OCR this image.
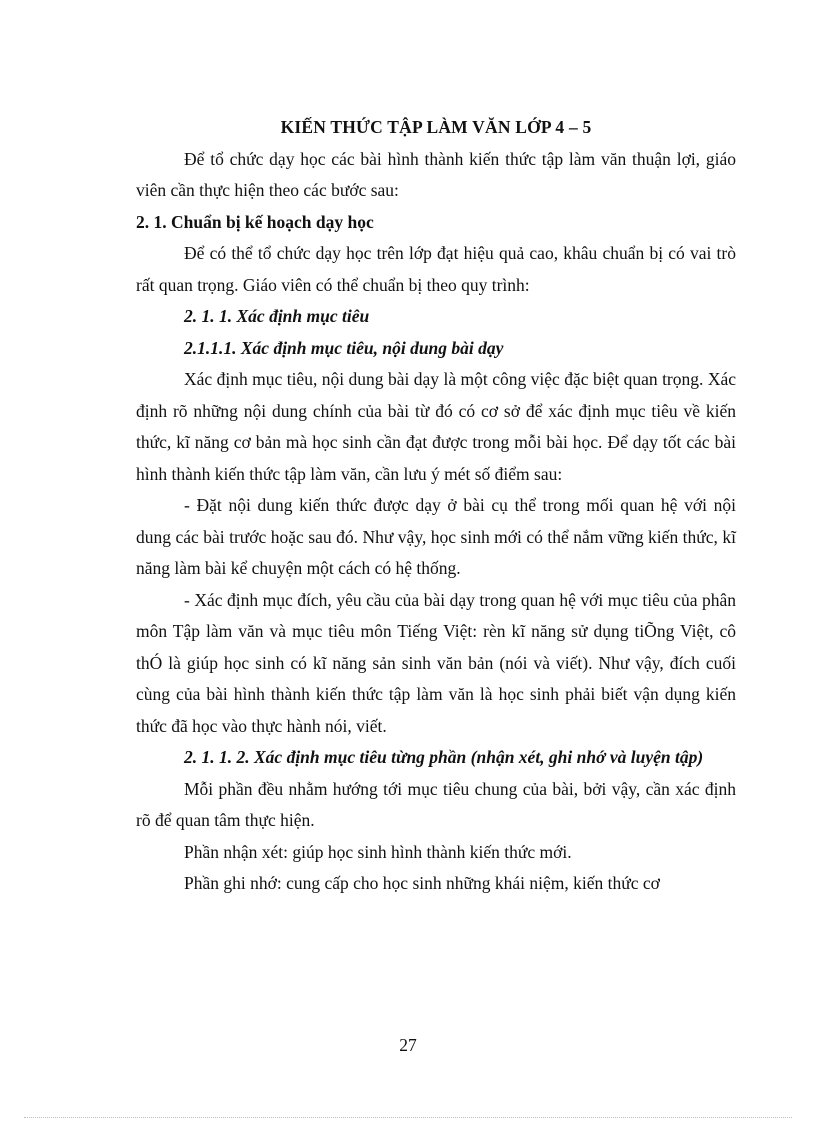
KIẾN THỨC TẬP LÀM VĂN LỚP 4 – 5

Để tổ chức dạy học các bài hình thành kiến thức tập làm văn thuận lợi, giáo viên cần thực hiện theo các bước sau:

2. 1. Chuẩn bị kế hoạch dạy học

Để có thể tổ chức dạy học trên lớp đạt hiệu quả cao, khâu chuẩn bị có vai trò rất quan trọng. Giáo viên có thể chuẩn bị theo quy trình:

2. 1. 1. Xác định mục tiêu

2.1.1.1. Xác định mục tiêu, nội dung bài dạy

Xác định mục tiêu, nội dung bài dạy là một công việc đặc biệt quan trọng. Xác định rõ những nội dung chính của bài từ đó có cơ sở để xác định mục tiêu về kiến thức, kĩ năng cơ bản mà học sinh cần đạt được trong mỗi bài học. Để dạy tốt các bài hình thành kiến thức tập làm văn, cần lưu ý mét số điểm sau:

- Đặt nội dung kiến thức được dạy ở bài cụ thể trong mối quan hệ với nội dung các bài trước hoặc sau đó. Như vậy, học sinh mới có thể nắm vững kiến thức, kĩ năng làm bài kể chuyện một cách có hệ thống.

- Xác định mục đích, yêu cầu của bài dạy trong quan hệ với mục tiêu của phân môn Tập làm văn và mục tiêu môn Tiếng Việt: rèn kĩ năng sử dụng tiÕng Việt, cô thÓ là giúp học sinh có kĩ năng sản sinh văn bản (nói và viết). Như vậy, đích cuối cùng của bài hình thành kiến thức tập làm văn là học sinh phải biết vận dụng kiến thức đã học vào thực hành nói, viết.

2. 1. 1. 2. Xác định mục tiêu từng phần (nhận xét, ghi nhớ và luyện tập)

Mỗi phần đều nhằm hướng tới mục tiêu chung của bài, bởi vậy, cần xác định rõ để quan tâm thực hiện.

Phần nhận xét: giúp học sinh hình thành kiến thức mới.

Phần ghi nhớ: cung cấp cho học sinh những khái niệm, kiến thức cơ

27
